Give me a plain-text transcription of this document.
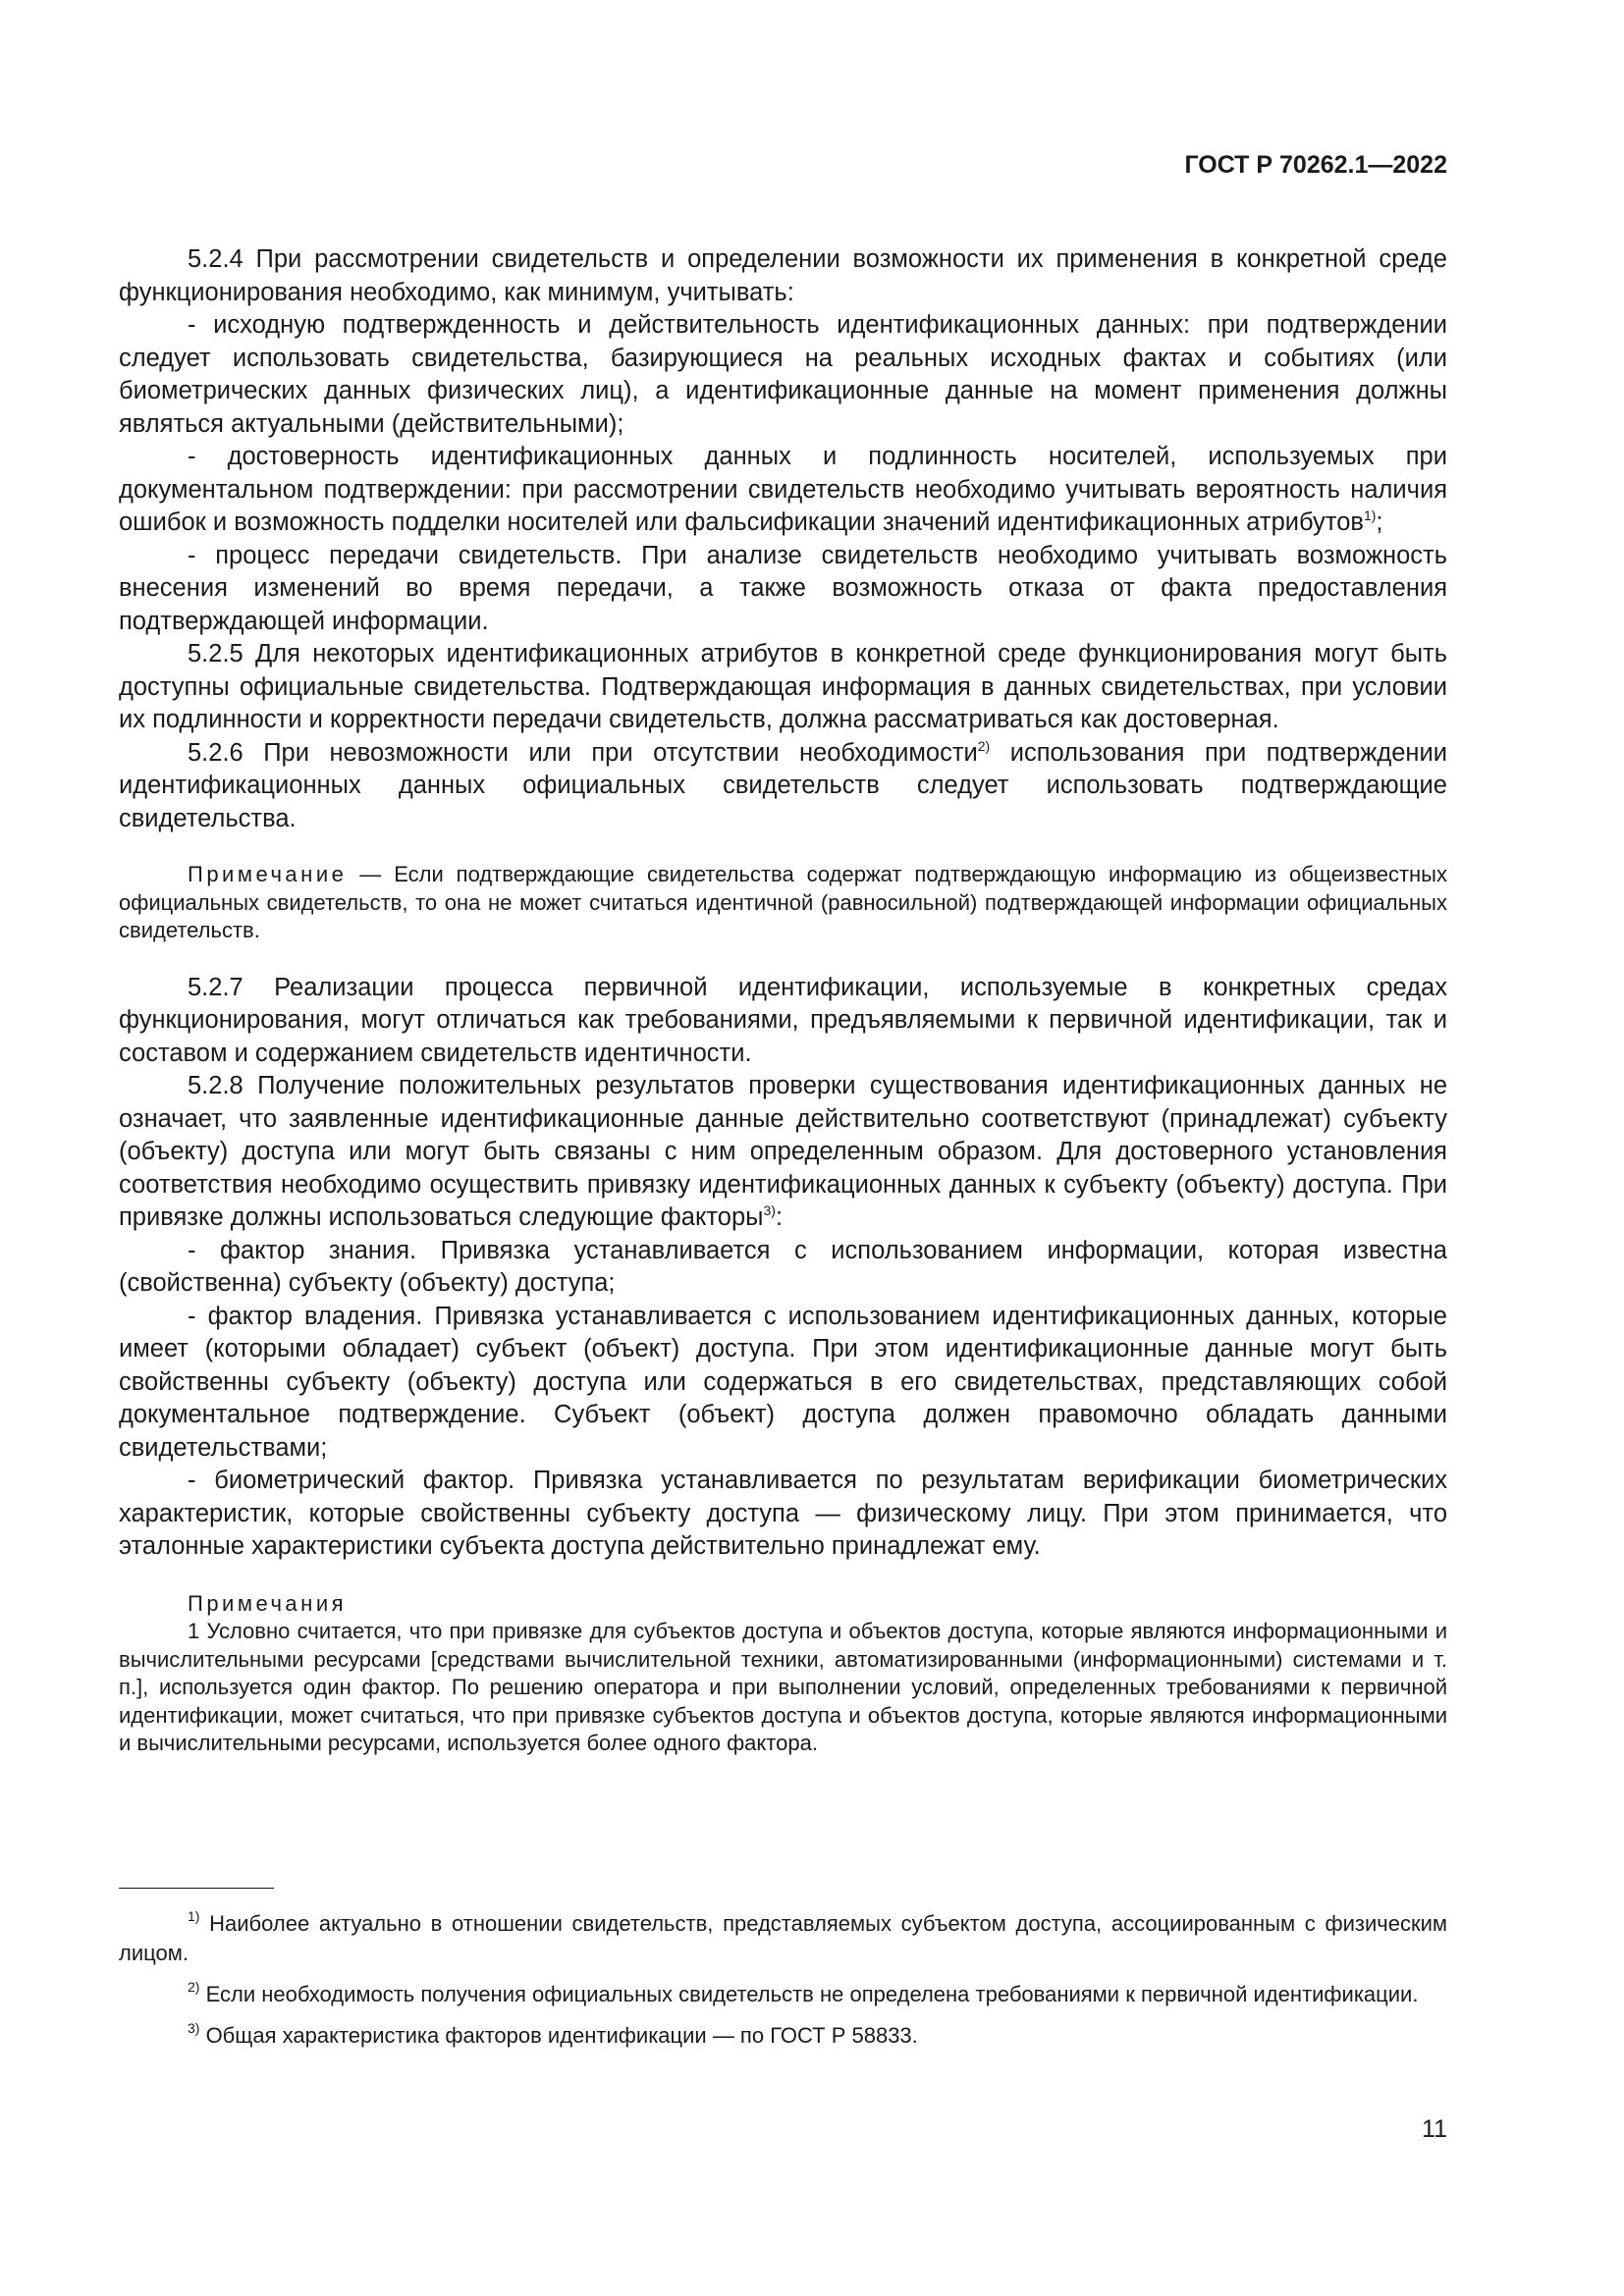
ГОСТ Р 70262.1—2022

5.2.4 При рассмотрении свидетельств и определении возможности их применения в конкретной среде функционирования необходимо, как минимум, учитывать:

- исходную подтвержденность и действительность идентификационных данных: при подтверждении следует использовать свидетельства, базирующиеся на реальных исходных фактах и событиях (или биометрических данных физических лиц), а идентификационные данные на момент применения должны являться актуальными (действительными);

- достоверность идентификационных данных и подлинность носителей, используемых при документальном подтверждении: при рассмотрении свидетельств необходимо учитывать вероятность наличия ошибок и возможность подделки носителей или фальсификации значений идентификационных атрибутов$^{1)}$;

- процесс передачи свидетельств. При анализе свидетельств необходимо учитывать возможность внесения изменений во время передачи, а также возможность отказа от факта предоставления подтверждающей информации.

5.2.5 Для некоторых идентификационных атрибутов в конкретной среде функционирования могут быть доступны официальные свидетельства. Подтверждающая информация в данных свидетельствах, при условии их подлинности и корректности передачи свидетельств, должна рассматриваться как достоверная.

5.2.6 При невозможности или при отсутствии необходимости$^{2)}$ использования при подтверждении идентификационных данных официальных свидетельств следует использовать подтверждающие свидетельства.

Примечание — Если подтверждающие свидетельства содержат подтверждающую информацию из общеизвестных официальных свидетельств, то она не может считаться идентичной (равносильной) подтверждающей информации официальных свидетельств.

5.2.7 Реализации процесса первичной идентификации, используемые в конкретных средах функционирования, могут отличаться как требованиями, предъявляемыми к первичной идентификации, так и составом и содержанием свидетельств идентичности.

5.2.8 Получение положительных результатов проверки существования идентификационных данных не означает, что заявленные идентификационные данные действительно соответствуют (принадлежат) субъекту (объекту) доступа или могут быть связаны с ним определенным образом. Для достоверного установления соответствия необходимо осуществить привязку идентификационных данных к субъекту (объекту) доступа. При привязке должны использоваться следующие факторы$^{3)}$:

- фактор знания. Привязка устанавливается с использованием информации, которая известна (свойственна) субъекту (объекту) доступа;

- фактор владения. Привязка устанавливается с использованием идентификационных данных, которые имеет (которыми обладает) субъект (объект) доступа. При этом идентификационные данные могут быть свойственны субъекту (объекту) доступа или содержаться в его свидетельствах, представляющих собой документальное подтверждение. Субъект (объект) доступа должен правомочно обладать данными свидетельствами;

- биометрический фактор. Привязка устанавливается по результатам верификации биометрических характеристик, которые свойственны субъекту доступа — физическому лицу. При этом принимается, что эталонные характеристики субъекта доступа действительно принадлежат ему.

Примечания

1 Условно считается, что при привязке для субъектов доступа и объектов доступа, которые являются информационными и вычислительными ресурсами [средствами вычислительной техники, автоматизированными (информационными) системами и т. п.], используется один фактор. По решению оператора и при выполнении условий, определенных требованиями к первичной идентификации, может считаться, что при привязке субъектов доступа и объектов доступа, которые являются информационными и вычислительными ресурсами, используется более одного фактора.

$^{1)}$ Наиболее актуально в отношении свидетельств, представляемых субъектом доступа, ассоциированным с физическим лицом.

$^{2)}$ Если необходимость получения официальных свидетельств не определена требованиями к первичной идентификации.

$^{3)}$ Общая характеристика факторов идентификации — по ГОСТ Р 58833.

11
